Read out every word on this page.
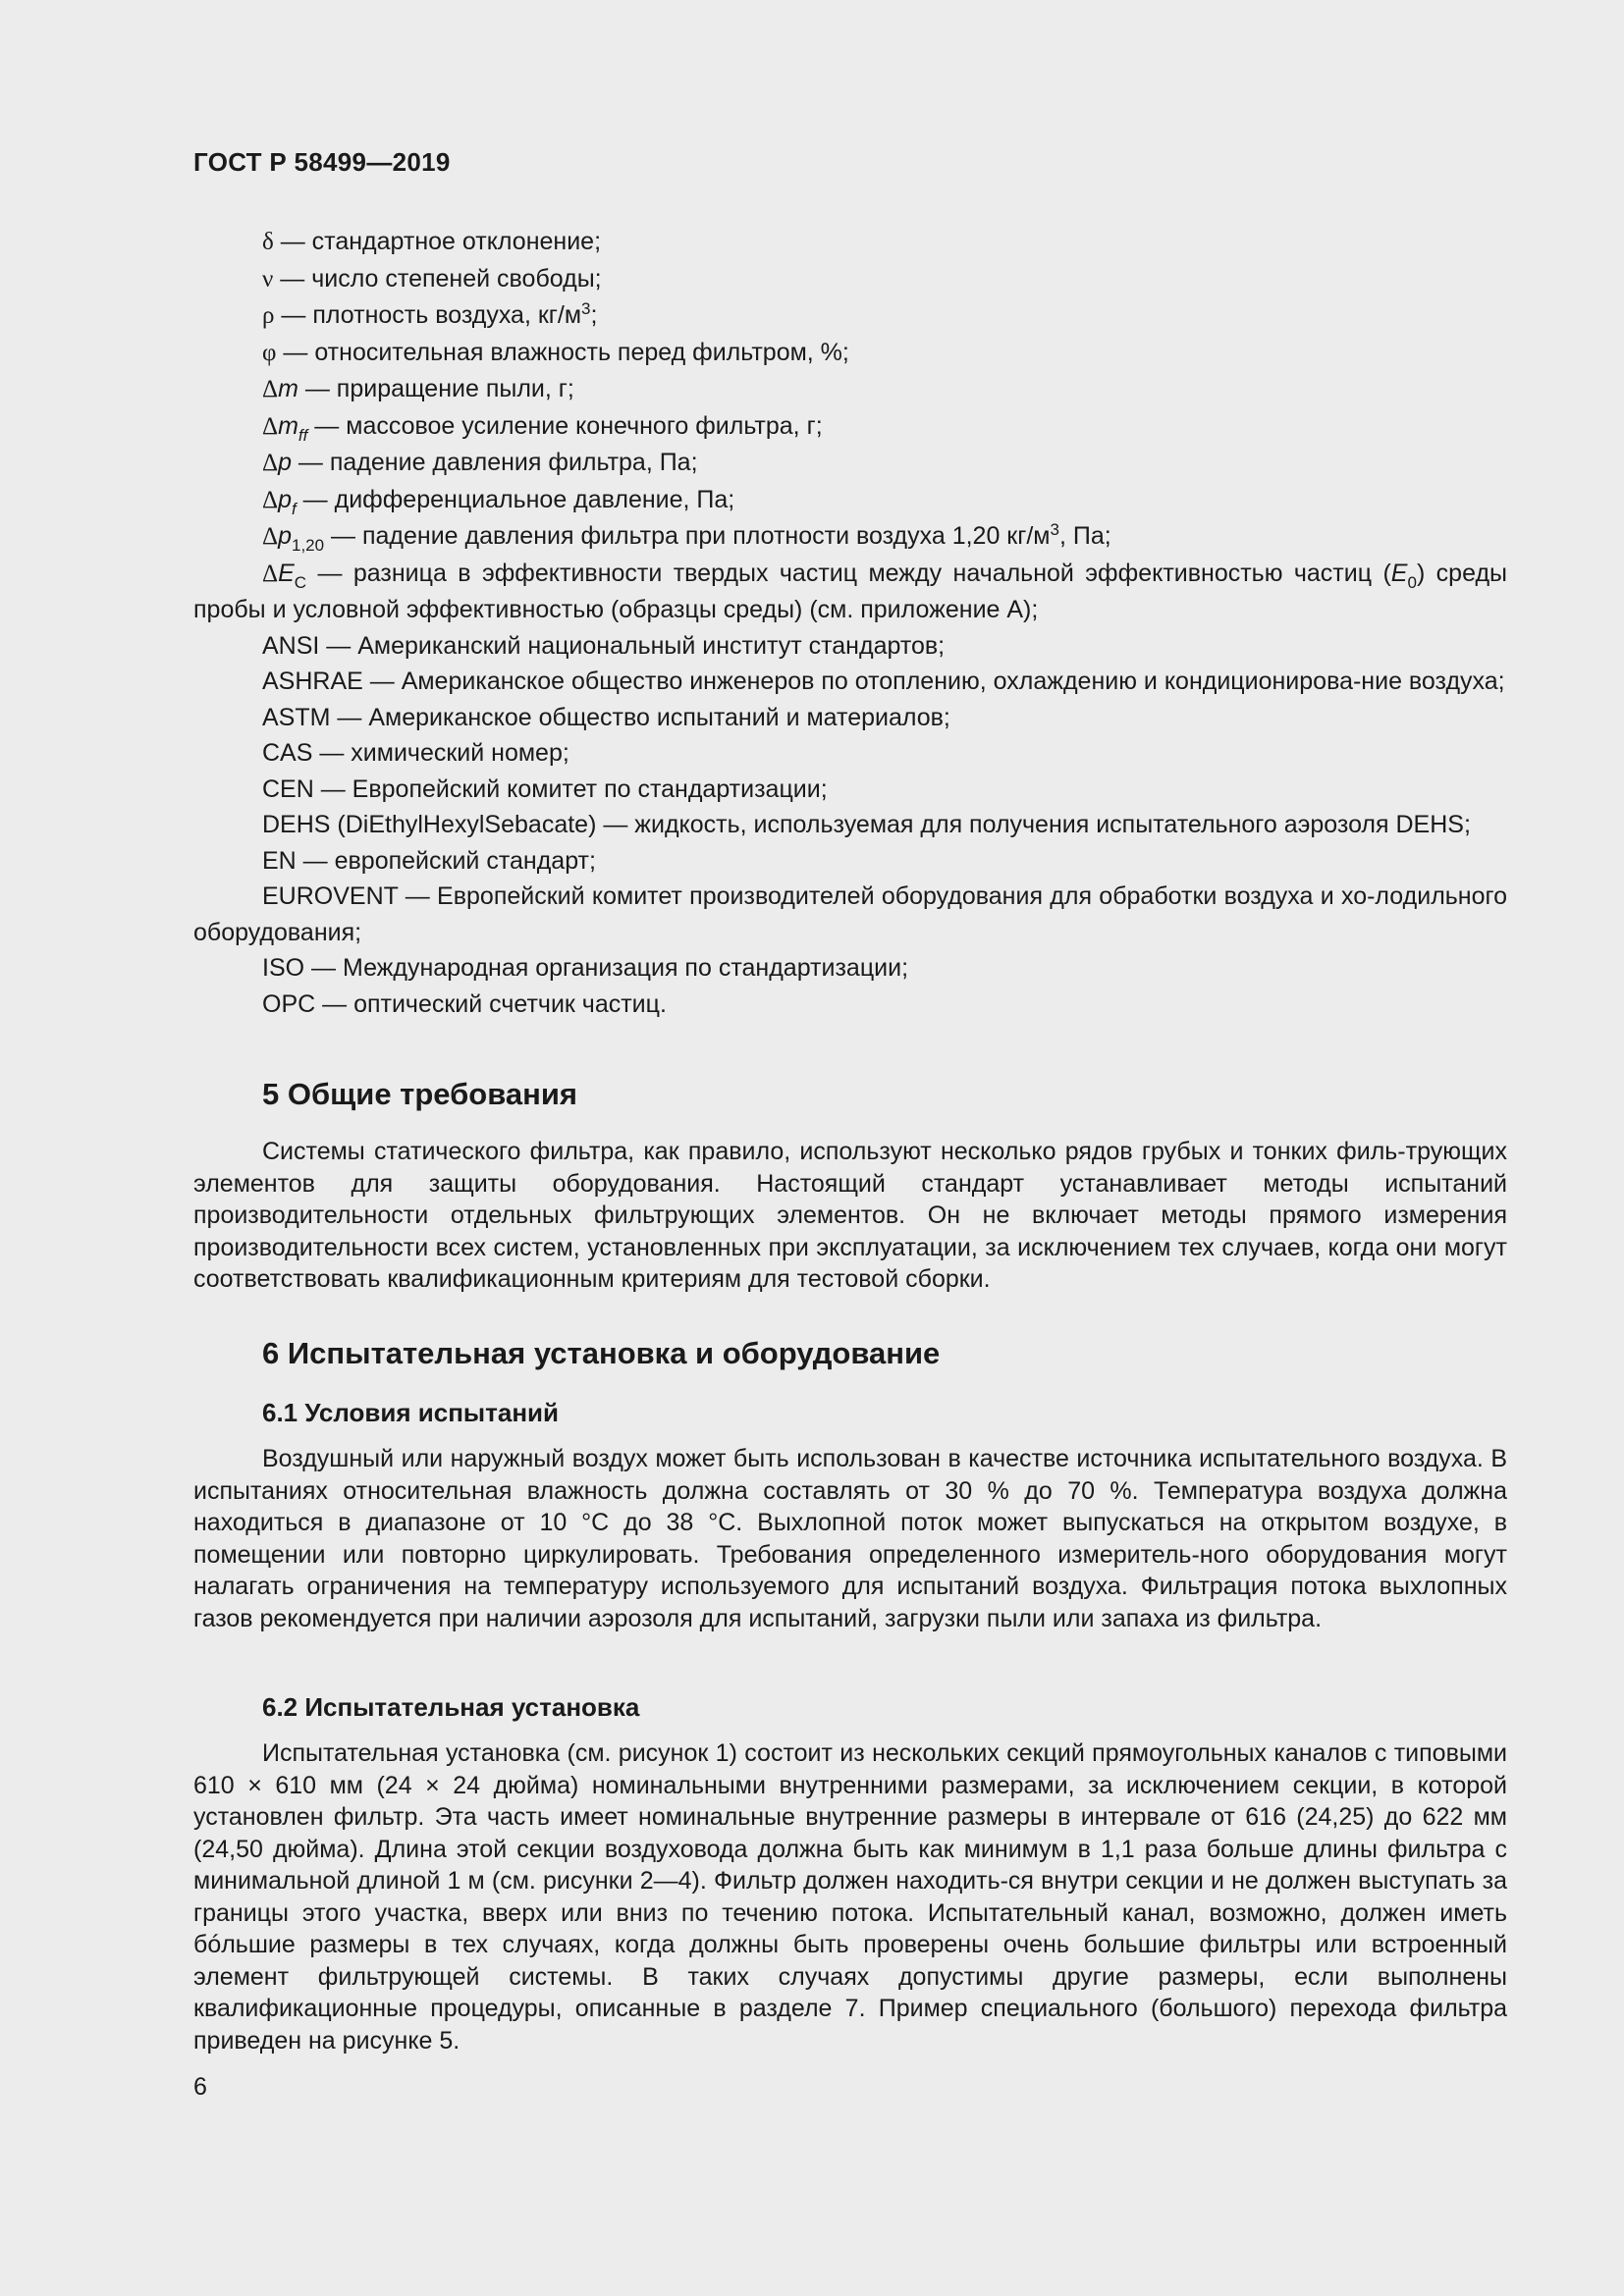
ГОСТ Р 58499—2019

δ — стандартное отклонение;

ν — число степеней свободы;

ρ — плотность воздуха, $кг/м^3$;

φ — относительная влажность перед фильтром, %;

Δm — приращение пыли, г;

$\Delta m_{ff}$ — массовое усиление конечного фильтра, г;

Δp — падение давления фильтра, Па;

$\Delta p_f$ — дифференциальное давление, Па;

$\Delta p_{1,20}$ — падение давления фильтра при плотности воздуха 1,20 $кг/м^3$, Па;

$\Delta E_C$ — разница в эффективности твердых частиц между начальной эффективностью частиц $(E_0)$ среды пробы и условной эффективностью (образцы среды) (см. приложение А);

ANSI — Американский национальный институт стандартов;

ASHRAE — Американское общество инженеров по отоплению, охлаждению и кондиционирова-ние воздуха;

ASTM — Американское общество испытаний и материалов;

CAS — химический номер;

CEN — Европейский комитет по стандартизации;

DEHS (DiEthylHexylSebacate) — жидкость, используемая для получения испытательного аэрозоля DEHS;

EN — европейский стандарт;

EUROVENT — Европейский комитет производителей оборудования для обработки воздуха и хо-лодильного оборудования;

ISO — Международная организация по стандартизации;

OPC — оптический счетчик частиц.

5 Общие требования

Системы статического фильтра, как правило, используют несколько рядов грубых и тонких филь-трующих элементов для защиты оборудования. Настоящий стандарт устанавливает методы испытаний производительности отдельных фильтрующих элементов. Он не включает методы прямого измерения производительности всех систем, установленных при эксплуатации, за исключением тех случаев, когда они могут соответствовать квалификационным критериям для тестовой сборки.

6 Испытательная установка и оборудование
6.1 Условия испытаний

Воздушный или наружный воздух может быть использован в качестве источника испытательного воздуха. В испытаниях относительная влажность должна составлять от 30 % до 70 %. Температура воздуха должна находиться в диапазоне от 10 °С до 38 °С. Выхлопной поток может выпускаться на открытом воздухе, в помещении или повторно циркулировать. Требования определенного измеритель-ного оборудования могут налагать ограничения на температуру используемого для испытаний воздуха. Фильтрация потока выхлопных газов рекомендуется при наличии аэрозоля для испытаний, загрузки пыли или запаха из фильтра.

6.2 Испытательная установка

Испытательная установка (см. рисунок 1) состоит из нескольких секций прямоугольных каналов с типовыми 610 × 610 мм (24 × 24 дюйма) номинальными внутренними размерами, за исключением секции, в которой установлен фильтр. Эта часть имеет номинальные внутренние размеры в интервале от 616 (24,25) до 622 мм (24,50 дюйма). Длина этой секции воздуховода должна быть как минимум в 1,1 раза больше длины фильтра с минимальной длиной 1 м (см. рисунки 2—4). Фильтр должен находить-ся внутри секции и не должен выступать за границы этого участка, вверх или вниз по течению потока. Испытательный канал, возможно, должен иметь бóльшие размеры в тех случаях, когда должны быть проверены очень большие фильтры или встроенный элемент фильтрующей системы. В таких случаях допустимы другие размеры, если выполнены квалификационные процедуры, описанные в разделе 7. Пример специального (большого) перехода фильтра приведен на рисунке 5.

6
